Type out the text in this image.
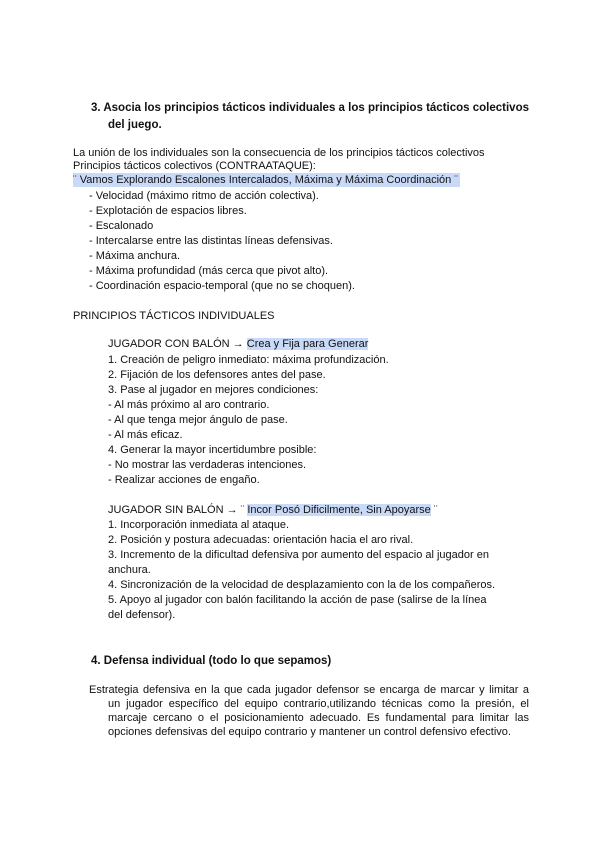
3. Asocia los principios tácticos individuales a los principios tácticos colectivos
del juego.
La unión de los individuales son la consecuencia de los principios tácticos colectivos
Principios tácticos colectivos (CONTRAATAQUE):
¨ Vamos Explorando Escalones Intercalados, Máxima y Máxima Coordinación ¨
- Velocidad (máximo ritmo de acción colectiva).
- Explotación de espacios libres.
- Escalonado
- Intercalarse entre las distintas líneas defensivas.
- Máxima anchura.
- Máxima profundidad (más cerca que pivot alto).
- Coordinación espacio-temporal (que no se choquen).
PRINCIPIOS TÁCTICOS INDIVIDUALES
JUGADOR CON BALÓN → Crea y Fija para Generar
1. Creación de peligro inmediato: máxima profundización.
2. Fijación de los defensores antes del pase.
3. Pase al jugador en mejores condiciones:
- Al más próximo al aro contrario.
- Al que tenga mejor ángulo de pase.
- Al más eficaz.
4. Generar la mayor incertidumbre posible:
- No mostrar las verdaderas intenciones.
- Realizar acciones de engaño.
JUGADOR SIN BALÓN → ¨ Incor Posó Dificilmente, Sin Apoyarse ¨
1. Incorporación inmediata al ataque.
2. Posición y postura adecuadas: orientación hacia el aro rival.
3. Incremento de la dificultad defensiva por aumento del espacio al jugador en
anchura.
4. Sincronización de la velocidad de desplazamiento con la de los compañeros.
5. Apoyo al jugador con balón facilitando la acción de pase (salirse de la línea
del defensor).
4. Defensa individual (todo lo que sepamos)
Estrategia defensiva en la que cada jugador defensor se encarga de marcar y limitar a
un jugador específico del equipo contrario,utilizando técnicas como la presión, el marcaje cercano o el posicionamiento adecuado. Es fundamental para limitar las opciones defensivas del equipo contrario y mantener un control defensivo efectivo.
